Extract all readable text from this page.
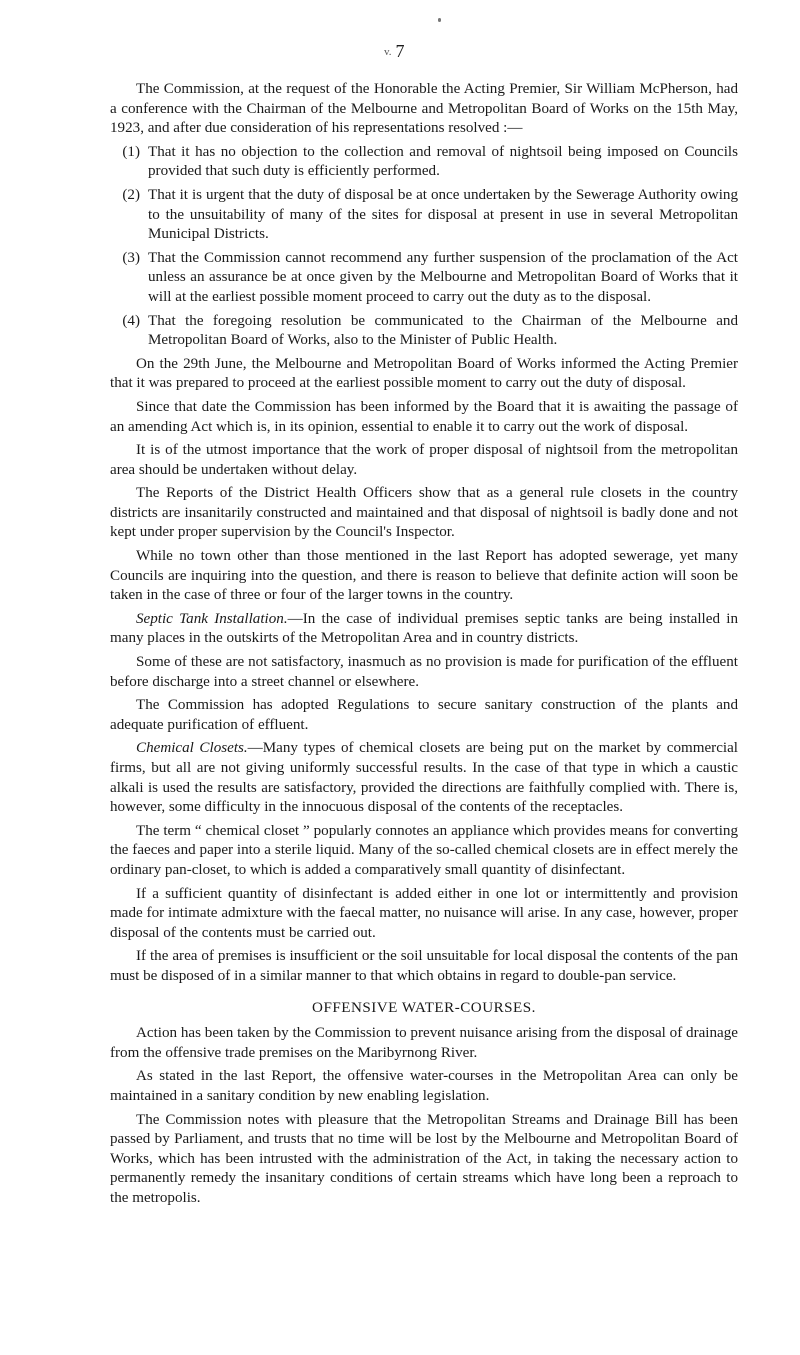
v. 7

The Commission, at the request of the Honorable the Acting Premier, Sir William McPherson, had a conference with the Chairman of the Melbourne and Metropolitan Board of Works on the 15th May, 1923, and after due consideration of his representations resolved :—

(1) That it has no objection to the collection and removal of nightsoil being imposed on Councils provided that such duty is efficiently performed.
(2) That it is urgent that the duty of disposal be at once undertaken by the Sewerage Authority owing to the unsuitability of many of the sites for disposal at present in use in several Metropolitan Municipal Districts.
(3) That the Commission cannot recommend any further suspension of the proclamation of the Act unless an assurance be at once given by the Melbourne and Metropolitan Board of Works that it will at the earliest possible moment proceed to carry out the duty as to the disposal.
(4) That the foregoing resolution be communicated to the Chairman of the Melbourne and Metropolitan Board of Works, also to the Minister of Public Health.

On the 29th June, the Melbourne and Metropolitan Board of Works informed the Acting Premier that it was prepared to proceed at the earliest possible moment to carry out the duty of disposal.

Since that date the Commission has been informed by the Board that it is awaiting the passage of an amending Act which is, in its opinion, essential to enable it to carry out the work of disposal.

It is of the utmost importance that the work of proper disposal of nightsoil from the metropolitan area should be undertaken without delay.

The Reports of the District Health Officers show that as a general rule closets in the country districts are insanitarily constructed and maintained and that disposal of nightsoil is badly done and not kept under proper supervision by the Council's Inspector.

While no town other than those mentioned in the last Report has adopted sewerage, yet many Councils are inquiring into the question, and there is reason to believe that definite action will soon be taken in the case of three or four of the larger towns in the country.

Septic Tank Installation.—In the case of individual premises septic tanks are being installed in many places in the outskirts of the Metropolitan Area and in country districts.

Some of these are not satisfactory, inasmuch as no provision is made for purification of the effluent before discharge into a street channel or elsewhere.

The Commission has adopted Regulations to secure sanitary construction of the plants and adequate purification of effluent.

Chemical Closets.—Many types of chemical closets are being put on the market by commercial firms, but all are not giving uniformly successful results. In the case of that type in which a caustic alkali is used the results are satisfactory, provided the directions are faithfully complied with. There is, however, some difficulty in the innocuous disposal of the contents of the receptacles.

The term “ chemical closet ” popularly connotes an appliance which provides means for converting the faeces and paper into a sterile liquid. Many of the so-called chemical closets are in effect merely the ordinary pan-closet, to which is added a comparatively small quantity of disinfectant.

If a sufficient quantity of disinfectant is added either in one lot or intermittently and provision made for intimate admixture with the faecal matter, no nuisance will arise. In any case, however, proper disposal of the contents must be carried out.

If the area of premises is insufficient or the soil unsuitable for local disposal the contents of the pan must be disposed of in a similar manner to that which obtains in regard to double-pan service.

OFFENSIVE WATER-COURSES.

Action has been taken by the Commission to prevent nuisance arising from the disposal of drainage from the offensive trade premises on the Maribyrnong River.

As stated in the last Report, the offensive water-courses in the Metropolitan Area can only be maintained in a sanitary condition by new enabling legislation.

The Commission notes with pleasure that the Metropolitan Streams and Drainage Bill has been passed by Parliament, and trusts that no time will be lost by the Melbourne and Metropolitan Board of Works, which has been intrusted with the administration of the Act, in taking the necessary action to permanently remedy the insanitary conditions of certain streams which have long been a reproach to the metropolis.
